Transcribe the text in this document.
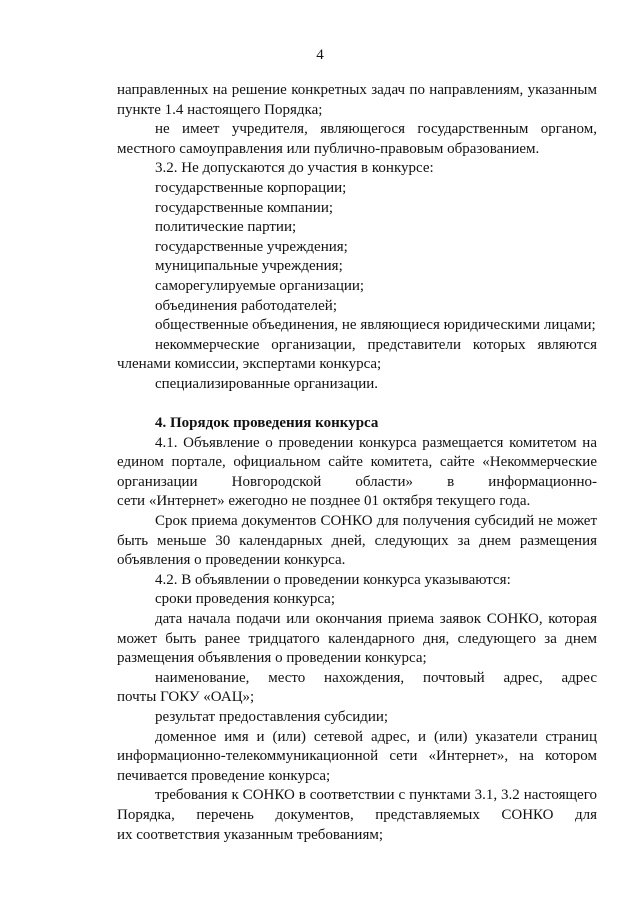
4
направленных на решение конкретных задач по направлениям, указанным
пункте 1.4 настоящего Порядка;
не имеет учредителя, являющегося государственным органом,
местного самоуправления или публично-правовым образованием.
3.2. Не допускаются до участия в конкурсе:
государственные корпорации;
государственные компании;
политические партии;
государственные учреждения;
муниципальные учреждения;
саморегулируемые организации;
объединения работодателей;
общественные объединения, не являющиеся юридическими лицами;
некоммерческие организации, представители которых являются
членами комиссии, экспертами конкурса;
специализированные организации.
4. Порядок проведения конкурса
4.1. Объявление о проведении конкурса размещается комитетом на
едином портале, официальном сайте комитета, сайте «Некоммерческие
организации Новгородской области» в информационно-
сети «Интернет» ежегодно не позднее 01 октября текущего года.
Срок приема документов СОНКО для получения субсидий не может
быть меньше 30 календарных дней, следующих за днем размещения
объявления о проведении конкурса.
4.2. В объявлении о проведении конкурса указываются:
сроки проведения конкурса;
дата начала подачи или окончания приема заявок СОНКО, которая
может быть ранее тридцатого календарного дня, следующего за днем
размещения объявления о проведении конкурса;
наименование, место нахождения, почтовый адрес, адрес
почты ГОКУ «ОАЦ»;
результат предоставления субсидии;
доменное имя и (или) сетевой адрес, и (или) указатели страниц
информационно-телекоммуникационной сети «Интернет», на котором
печивается проведение конкурса;
требования к СОНКО в соответствии с пунктами 3.1, 3.2 настоящего
Порядка, перечень документов, представляемых СОНКО для
их соответствия указанным требованиям;
